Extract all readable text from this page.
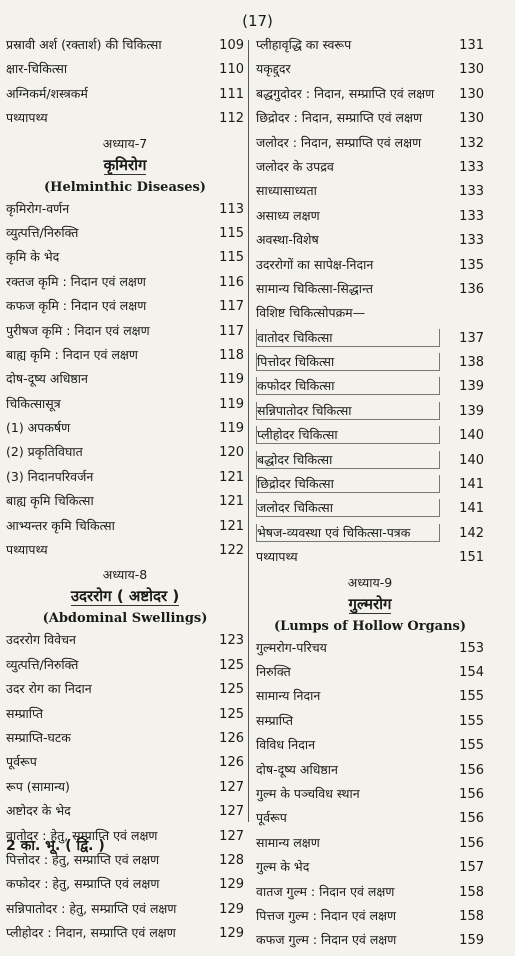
(17)
प्रस्रावी अर्श (रक्तार्श) की चिकित्सा	109
क्षार-चिकित्सा	110
अग्निकर्म/शस्त्रकर्म	111
पथ्यापथ्य	112
अध्याय-7
कृमिरोग
(Helminthic Diseases)
कृमिरोग-वर्णन	113
व्युत्पत्ति/निरुक्ति	115
कृमि के भेद	115
रक्तज कृमि : निदान एवं लक्षण	116
कफज कृमि : निदान एवं लक्षण	117
पुरीषज कृमि : निदान एवं लक्षण	117
बाह्य कृमि : निदान एवं लक्षण	118
दोष-दूष्य अधिष्ठान	119
चिकित्सासूत्र	119
(1) अपकर्षण	119
(2) प्रकृतिविघात	120
(3) निदानपरिवर्जन	121
बाह्य कृमि चिकित्सा	121
आभ्यन्तर कृमि चिकित्सा	121
पथ्यापथ्य	122
अध्याय-8
उदररोग ( अष्टोदर )
(Abdominal Swellings)
उदररोग विवेचन	123
व्युत्पत्ति/निरुक्ति	125
उदर रोग का निदान	125
सम्प्राप्ति	125
सम्प्राप्ति-घटक	126
पूर्वरूप	126
रूप (सामान्य)	127
अष्टोदर के भेद	127
वातोदर : हेतु, सम्प्राप्ति एवं लक्षण	127
पित्तोदर : हेतु, सम्प्राप्ति एवं लक्षण	128
कफोदर : हेतु, सम्प्राप्ति एवं लक्षण	129
सन्निपातोदर : हेतु, सम्प्राप्ति एवं लक्षण	129
प्लीहोदर : निदान, सम्प्राप्ति एवं लक्षण	129
प्लीहावृद्धि का स्वरूप	131
यकृद्दुदर	130
बद्धगुदोदर : निदान, सम्प्राप्ति एवं लक्षण	130
छिद्रोदर : निदान, सम्प्राप्ति एवं लक्षण	130
जलोदर : निदान, सम्प्राप्ति एवं लक्षण	132
जलोदर के उपद्रव	133
साध्यासाध्यता	133
असाध्य लक्षण	133
अवस्था-विशेष	133
उदररोगों का सापेक्ष-निदान	135
सामान्य चिकित्सा-सिद्धान्त	136
विशिष्ट चिकित्सोपक्रम—
वातोदर चिकित्सा	137
पित्तोदर चिकित्सा	138
कफोदर चिकित्सा	139
सन्निपातोदर चिकित्सा	139
प्लीहोदर चिकित्सा	140
बद्धोदर चिकित्सा	140
छिद्रोदर चिकित्सा	141
जलोदर चिकित्सा	141
भेषज-व्यवस्था एवं चिकित्सा-पत्रक	142
पथ्यापथ्य	151
अध्याय-9
गुल्मरोग
(Lumps of Hollow Organs)
गुल्मरोग-परिचय	153
निरुक्ति	154
सामान्य निदान	155
सम्प्राप्ति	155
विविध निदान	155
दोष-दूष्य अधिष्ठान	156
गुल्म के पञ्चविध स्थान	156
पूर्वरूप	156
सामान्य लक्षण	156
गुल्म के भेद	157
वातज गुल्म : निदान एवं लक्षण	158
पित्तज गुल्म : निदान एवं लक्षण	158
कफज गुल्म : निदान एवं लक्षण	159
2 का. भू. ( द्वि. )
